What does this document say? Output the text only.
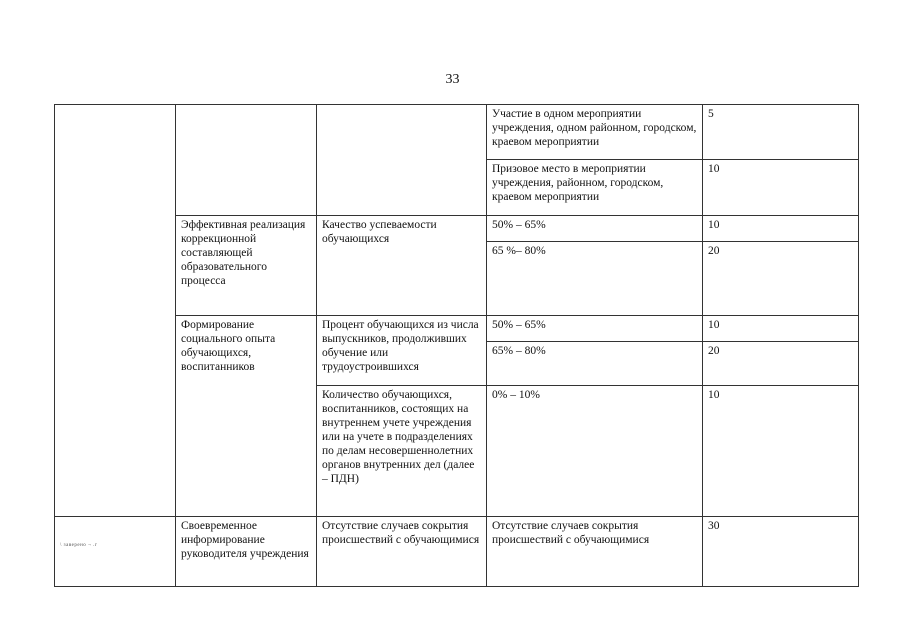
33
			Участие в одном мероприятии учреждения, одном районном, городском, краевом мероприятии	5
			Призовое место в мероприятии учреждения, районном, городском, краевом мероприятии	10
	Эффективная реализация коррекционной составляющей образовательного процесса	Качество успеваемости обучающихся	50% – 65%	10
			65 %– 80%	20
	Формирование социального опыта обучающихся, воспитанников	Процент обучающихся из числа выпускников, продолживших обучение или трудоустроившихся	50% – 65%	10
			65% – 80%	20
		Количество обучающихся, воспитанников, состоящих на внутреннем учете учреждения или на учете в подразделениях по делам несовершеннолетних органов внутренних дел (далее – ПДН)	0% – 10%	10
\ заверено ¬ .г	Своевременное информирование руководителя учреждения	Отсутствие случаев сокрытия происшествий с обучающимися	Отсутствие случаев сокрытия происшествий с обучающимися	30
